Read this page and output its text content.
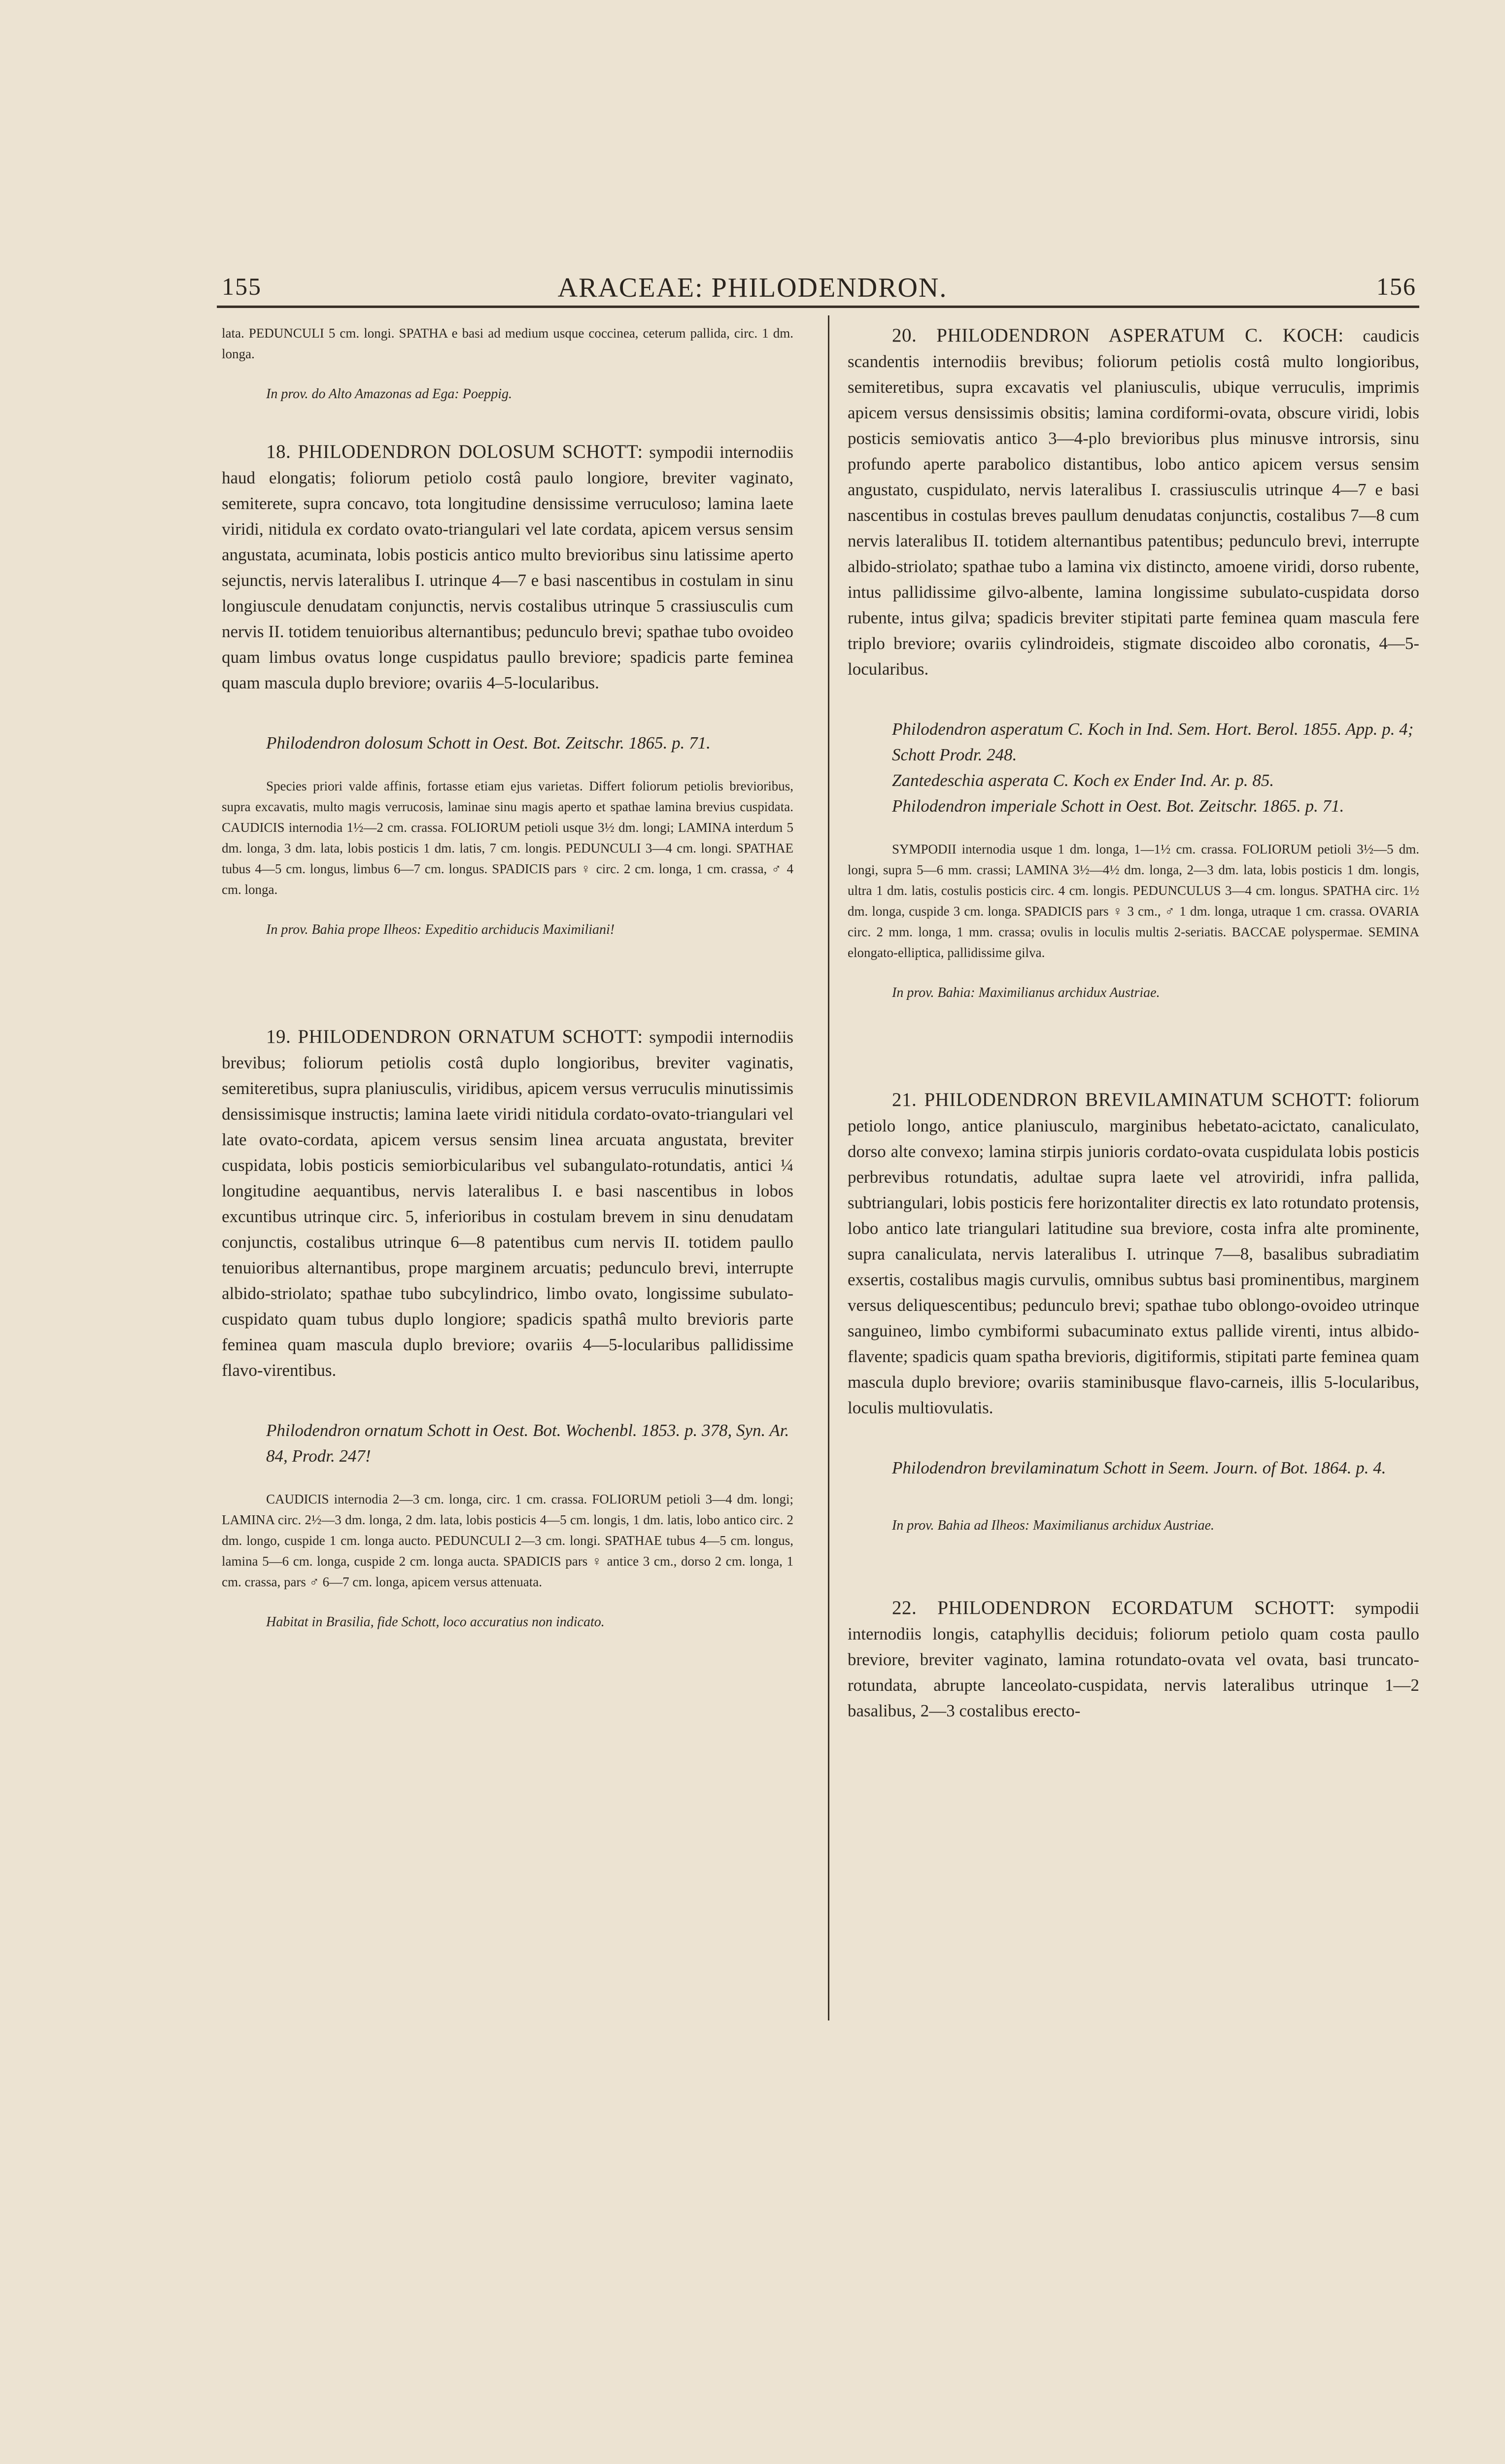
155	ARACEAE: PHILODENDRON.	156

lata. PEDUNCULI 5 cm. longi. SPATHA e basi ad medium usque coccinea, ceterum pallida, circ. 1 dm. longa.

In prov. do Alto Amazonas ad Ega: Poeppig.

18. PHILODENDRON DOLOSUM SCHOTT: sympodii internodiis haud elongatis; foliorum petiolo costâ paulo longiore, breviter vaginato, semiterete, supra concavo, tota longitudine densissime verruculoso; lamina laete viridi, nitidula ex cordato ovato-triangulari vel late cordata, apicem versus sensim angustata, acuminata, lobis posticis antico multo brevioribus sinu latissime aperto sejunctis, nervis lateralibus I. utrinque 4—7 e basi nascentibus in costulam in sinu longiuscule denudatam conjunctis, nervis costalibus utrinque 5 crassiusculis cum nervis II. totidem tenuioribus alternantibus; pedunculo brevi; spathae tubo ovoideo quam limbus ovatus longe cuspidatus paullo breviore; spadicis parte feminea quam mascula duplo breviore; ovariis 4–5-locularibus.

Philodendron dolosum Schott in Oest. Bot. Zeitschr. 1865. p. 71.

Species priori valde affinis, fortasse etiam ejus varietas. Differt foliorum petiolis brevioribus, supra excavatis, multo magis verrucosis, laminae sinu magis aperto et spathae lamina brevius cuspidata. CAUDICIS internodia 1½—2 cm. crassa. FOLIORUM petioli usque 3½ dm. longi; LAMINA interdum 5 dm. longa, 3 dm. lata, lobis posticis 1 dm. latis, 7 cm. longis. PEDUNCULI 3—4 cm. longi. SPATHAE tubus 4—5 cm. longus, limbus 6—7 cm. longus. SPADICIS pars ♀ circ. 2 cm. longa, 1 cm. crassa, ♂ 4 cm. longa.

In prov. Bahia prope Ilheos: Expeditio archiducis Maximiliani!

19. PHILODENDRON ORNATUM SCHOTT: sympodii internodiis brevibus; foliorum petiolis costâ duplo longioribus, breviter vaginatis, semiteretibus, supra planiusculis, viridibus, apicem versus verruculis minutissimis densissimisque instructis; lamina laete viridi nitidula cordato-ovato-triangulari vel late ovato-cordata, apicem versus sensim linea arcuata angustata, breviter cuspidata, lobis posticis semiorbicularibus vel subangulato-rotundatis, antici ¼ longitudine aequantibus, nervis lateralibus I. e basi nascentibus in lobos excuntibus utrinque circ. 5, inferioribus in costulam brevem in sinu denudatam conjunctis, costalibus utrinque 6—8 patentibus cum nervis II. totidem paullo tenuioribus alternantibus, prope marginem arcuatis; pedunculo brevi, interrupte albido-striolato; spathae tubo subcylindrico, limbo ovato, longissime subulato-cuspidato quam tubus duplo longiore; spadicis spathâ multo brevioris parte feminea quam mascula duplo breviore; ovariis 4—5-locularibus pallidissime flavo-virentibus.

Philodendron ornatum Schott in Oest. Bot. Wochenbl. 1853. p. 378, Syn. Ar. 84, Prodr. 247!

CAUDICIS internodia 2—3 cm. longa, circ. 1 cm. crassa. FOLIORUM petioli 3—4 dm. longi; LAMINA circ. 2½—3 dm. longa, 2 dm. lata, lobis posticis 4—5 cm. longis, 1 dm. latis, lobo antico circ. 2 dm. longo, cuspide 1 cm. longa aucto. PEDUNCULI 2—3 cm. longi. SPATHAE tubus 4—5 cm. longus, lamina 5—6 cm. longa, cuspide 2 cm. longa aucta. SPADICIS pars ♀ antice 3 cm., dorso 2 cm. longa, 1 cm. crassa, pars ♂ 6—7 cm. longa, apicem versus attenuata.

Habitat in Brasilia, fide Schott, loco accuratius non indicato.

20. PHILODENDRON ASPERATUM C. KOCH: caudicis scandentis internodiis brevibus; foliorum petiolis costâ multo longioribus, semiteretibus, supra excavatis vel planiusculis, ubique verruculis, imprimis apicem versus densissimis obsitis; lamina cordiformi-ovata, obscure viridi, lobis posticis semiovatis antico 3—4-plo brevioribus plus minusve introrsis, sinu profundo aperte parabolico distantibus, lobo antico apicem versus sensim angustato, cuspidulato, nervis lateralibus I. crassiusculis utrinque 4—7 e basi nascentibus in costulas breves paullum denudatas conjunctis, costalibus 7—8 cum nervis lateralibus II. totidem alternantibus patentibus; pedunculo brevi, interrupte albido-striolato; spathae tubo a lamina vix distincto, amoene viridi, dorso rubente, intus pallidissime gilvo-albente, lamina longissime subulato-cuspidata dorso rubente, intus gilva; spadicis breviter stipitati parte feminea quam mascula fere triplo breviore; ovariis cylindroideis, stigmate discoideo albo coronatis, 4—5-locularibus.

Philodendron asperatum C. Koch in Ind. Sem. Hort. Berol. 1855. App. p. 4; Schott Prodr. 248.

Zantedeschia asperata C. Koch ex Ender Ind. Ar. p. 85.

Philodendron imperiale Schott in Oest. Bot. Zeitschr. 1865. p. 71.

SYMPODII internodia usque 1 dm. longa, 1—1½ cm. crassa. FOLIORUM petioli 3½—5 dm. longi, supra 5—6 mm. crassi; LAMINA 3½—4½ dm. longa, 2—3 dm. lata, lobis posticis 1 dm. longis, ultra 1 dm. latis, costulis posticis circ. 4 cm. longis. PEDUNCULUS 3—4 cm. longus. SPATHA circ. 1½ dm. longa, cuspide 3 cm. longa. SPADICIS pars ♀ 3 cm., ♂ 1 dm. longa, utraque 1 cm. crassa. OVARIA circ. 2 mm. longa, 1 mm. crassa; ovulis in loculis multis 2-seriatis. BACCAE polyspermae. SEMINA elongato-elliptica, pallidissime gilva.

In prov. Bahia: Maximilianus archidux Austriae.

21. PHILODENDRON BREVILAMINATUM SCHOTT: foliorum petiolo longo, antice planiusculo, marginibus hebetato-acictato, canaliculato, dorso alte convexo; lamina stirpis junioris cordato-ovata cuspidulata lobis posticis perbrevibus rotundatis, adultae supra laete vel atroviridi, infra pallida, subtriangulari, lobis posticis fere horizontaliter directis ex lato rotundato protensis, lobo antico late triangulari latitudine sua breviore, costa infra alte prominente, supra canaliculata, nervis lateralibus I. utrinque 7—8, basalibus subradiatim exsertis, costalibus magis curvulis, omnibus subtus basi prominentibus, marginem versus deliquescentibus; pedunculo brevi; spathae tubo oblongo-ovoideo utrinque sanguineo, limbo cymbiformi subacuminato extus pallide virenti, intus albido-flavente; spadicis quam spatha brevioris, digitiformis, stipitati parte feminea quam mascula duplo breviore; ovariis staminibusque flavo-carneis, illis 5-locularibus, loculis multiovulatis.

Philodendron brevilaminatum Schott in Seem. Journ. of Bot. 1864. p. 4.

In prov. Bahia ad Ilheos: Maximilianus archidux Austriae.

22. PHILODENDRON ECORDATUM SCHOTT: sympodii internodiis longis, cataphyllis deciduis; foliorum petiolo quam costa paullo breviore, breviter vaginato, lamina rotundato-ovata vel ovata, basi truncato-rotundata, abrupte lanceolato-cuspidata, nervis lateralibus utrinque 1—2 basalibus, 2—3 costalibus erecto-
